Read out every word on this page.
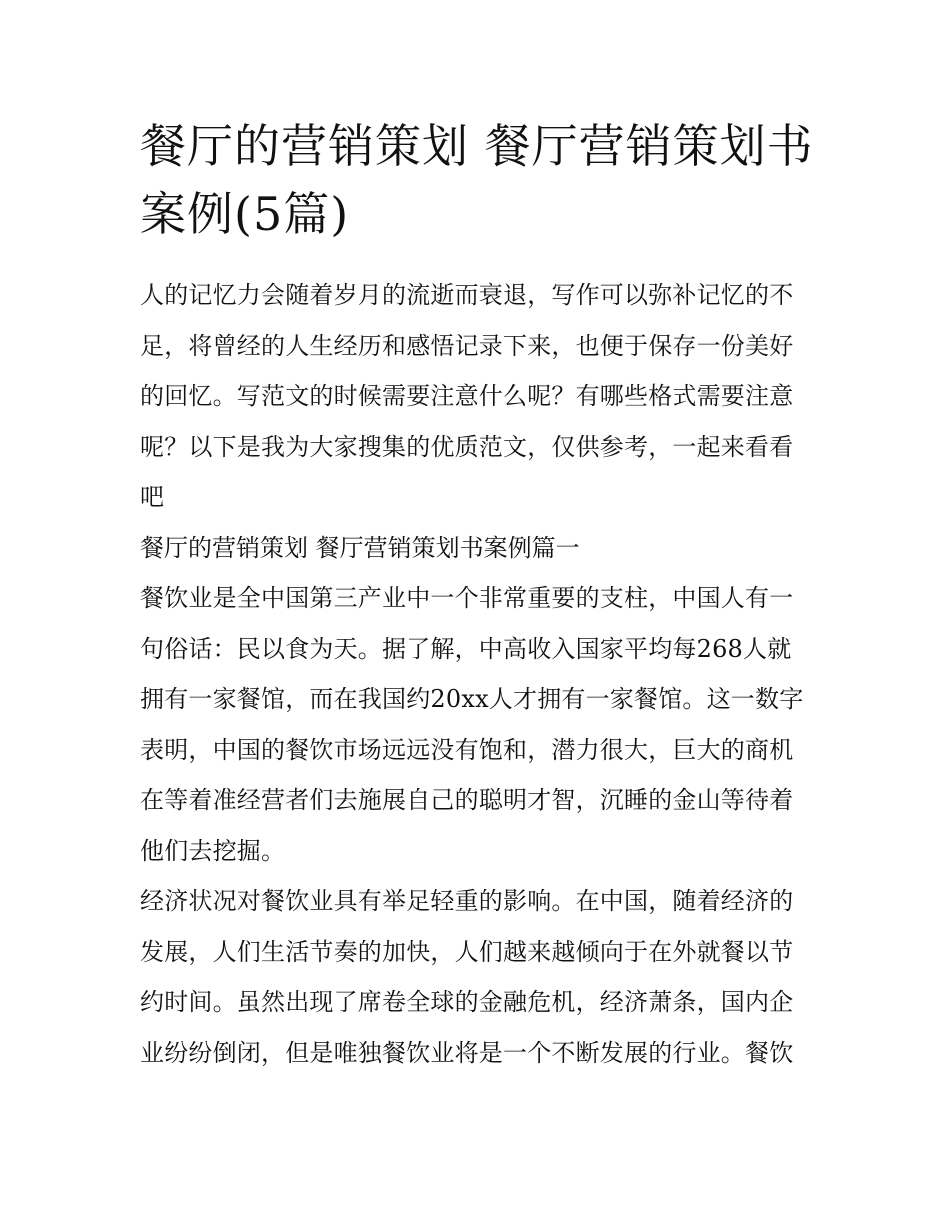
餐厅的营销策划 餐厅营销策划书案例(5篇)

人的记忆力会随着岁月的流逝而衰退，写作可以弥补记忆的不足，将曾经的人生经历和感悟记录下来，也便于保存一份美好的回忆。写范文的时候需要注意什么呢？有哪些格式需要注意呢？以下是我为大家搜集的优质范文，仅供参考，一起来看看吧

餐厅的营销策划 餐厅营销策划书案例篇一

餐饮业是全中国第三产业中一个非常重要的支柱，中国人有一句俗话：民以食为天。据了解，中高收入国家平均每268人就拥有一家餐馆，而在我国约20xx人才拥有一家餐馆。这一数字表明，中国的餐饮市场远远没有饱和，潜力很大，巨大的商机在等着准经营者们去施展自己的聪明才智，沉睡的金山等待着他们去挖掘。

经济状况对餐饮业具有举足轻重的影响。在中国，随着经济的发展，人们生活节奏的加快，人们越来越倾向于在外就餐以节约时间。虽然出现了席卷全球的金融危机，经济萧条，国内企业纷纷倒闭，但是唯独餐饮业将是一个不断发展的行业。餐饮
